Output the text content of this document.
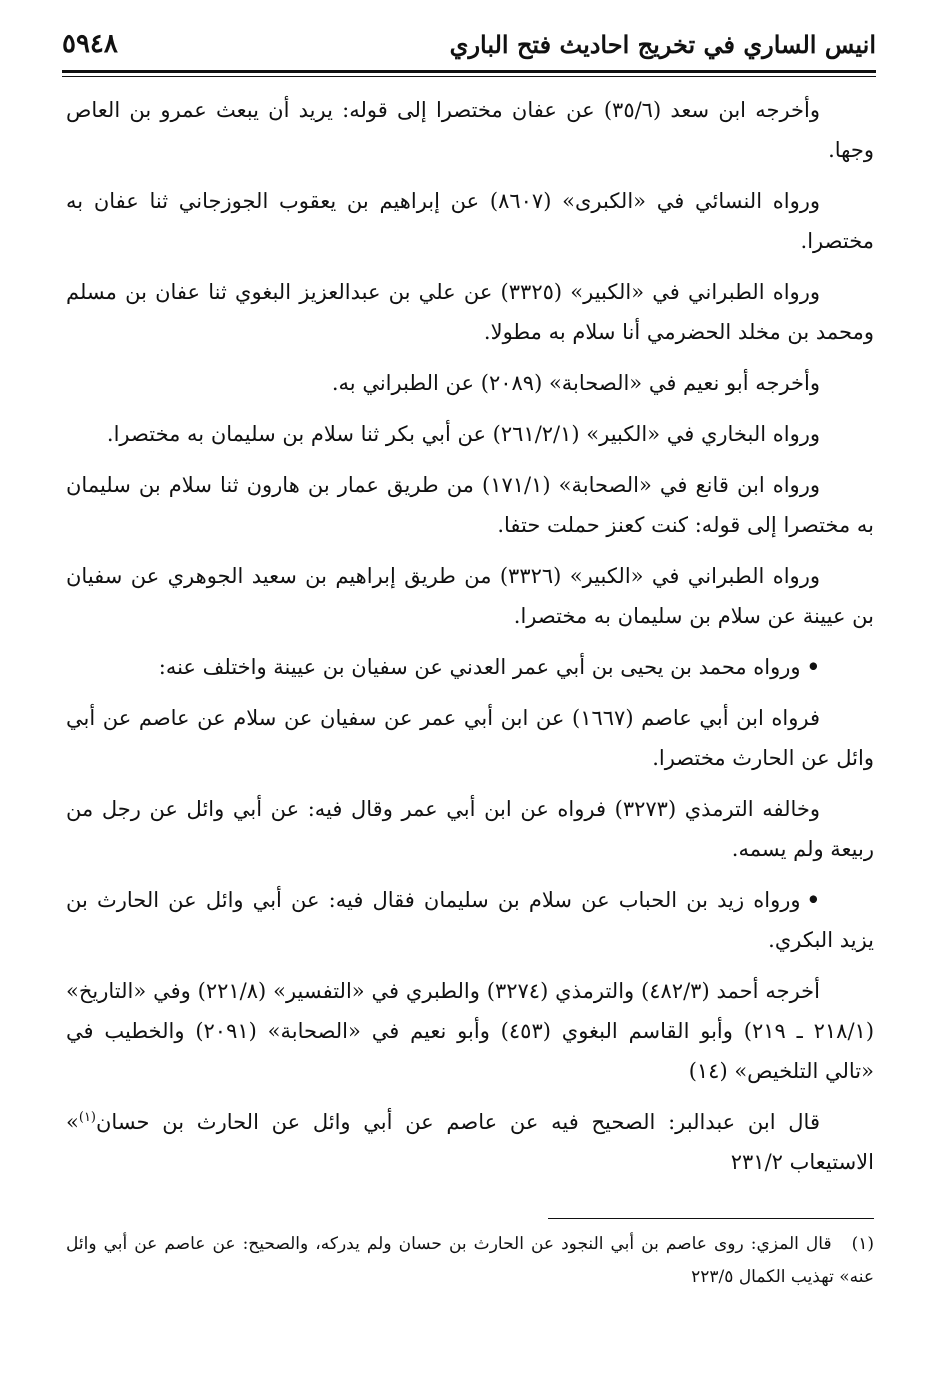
انيس الساري في تخريج احاديث فتح الباري
٥٩٤٨

وأخرجه ابن سعد (٣٥/٦) عن عفان مختصرا إلى قوله: يريد أن يبعث عمرو بن العاص وجها.

ورواه النسائي في «الكبرى» (٨٦٠٧) عن إبراهيم بن يعقوب الجوزجاني ثنا عفان به مختصرا.

ورواه الطبراني في «الكبير» (٣٣٢٥) عن علي بن عبدالعزيز البغوي ثنا عفان بن مسلم ومحمد بن مخلد الحضرمي أنا سلام به مطولا.

وأخرجه أبو نعيم في «الصحابة» (٢٠٨٩) عن الطبراني به.

ورواه البخاري في «الكبير» (٢٦١/٢/١) عن أبي بكر ثنا سلام بن سليمان به مختصرا.

ورواه ابن قانع في «الصحابة» (١٧١/١) من طريق عمار بن هارون ثنا سلام بن سليمان به مختصرا إلى قوله: كنت كعنز حملت حتفا.

ورواه الطبراني في «الكبير» (٣٣٢٦) من طريق إبراهيم بن سعيد الجوهري عن سفيان بن عيينة عن سلام بن سليمان به مختصرا.

•ورواه محمد بن يحيى بن أبي عمر العدني عن سفيان بن عيينة واختلف عنه:

فرواه ابن أبي عاصم (١٦٦٧) عن ابن أبي عمر عن سفيان عن سلام عن عاصم عن أبي وائل عن الحارث مختصرا.

وخالفه الترمذي (٣٢٧٣) فرواه عن ابن أبي عمر وقال فيه: عن أبي وائل عن رجل من ربيعة ولم يسمه.

•ورواه زيد بن الحباب عن سلام بن سليمان فقال فيه: عن أبي وائل عن الحارث بن يزيد البكري.

أخرجه أحمد (٤٨٢/٣) والترمذي (٣٢٧٤) والطبري في «التفسير» (٢٢١/٨) وفي «التاريخ» (٢١٨/١ ـ ٢١٩) وأبو القاسم البغوي (٤٥٣) وأبو نعيم في «الصحابة» (٢٠٩١) والخطيب في «تالي التلخيص» (١٤)

قال ابن عبدالبر: الصحيح فيه عن عاصم عن أبي وائل عن الحارث بن حسان$^{(١)}$» الاستيعاب ٢٣١/٢

(١)قال المزي: روى عاصم بن أبي النجود عن الحارث بن حسان ولم يدركه، والصحيح: عن عاصم عن أبي وائل عنه» تهذيب الكمال ٢٢٣/٥
